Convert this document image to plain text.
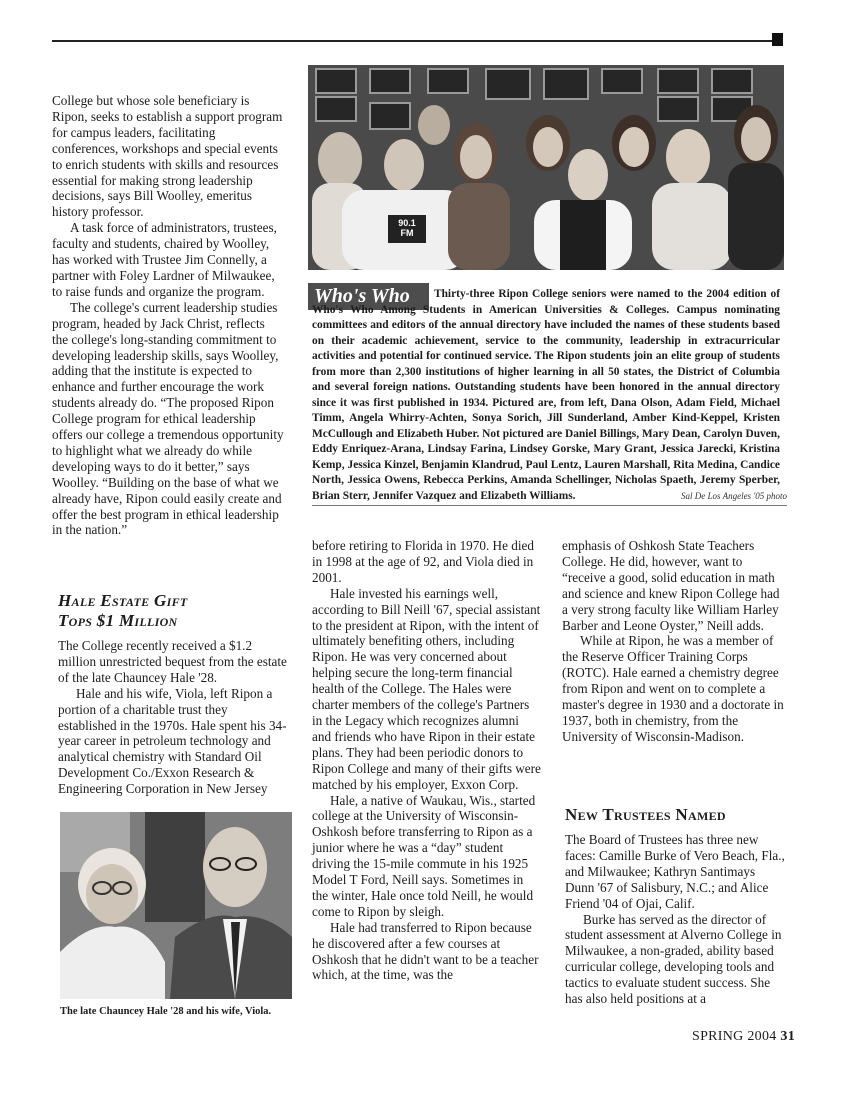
College but whose sole beneficiary is Ripon, seeks to establish a support program for campus leaders, facilitating conferences, workshops and special events to enrich students with skills and resources essential for making strong leadership decisions, says Bill Woolley, emeritus history professor.

A task force of administrators, trustees, faculty and students, chaired by Woolley, has worked with Trustee Jim Connelly, a partner with Foley Lardner of Milwaukee, to raise funds and organize the program.

The college's current leadership studies program, headed by Jack Christ, reflects the college's long-standing commitment to developing leadership skills, says Woolley, adding that the institute is expected to enhance and further encourage the work students already do. “The proposed Ripon College program for ethical leadership offers our college a tremendous opportunity to highlight what we already do while developing ways to do it better,” says Woolley. “Building on the base of what we already have, Ripon could easily create and offer the best program in ethical leadership in the nation.”

Hale Estate Gift
Tops $1 Million

The College recently received a $1.2 million unrestricted bequest from the estate of the late Chauncey Hale '28.

Hale and his wife, Viola, left Ripon a portion of a charitable trust they established in the 1970s. Hale spent his 34-year career in petroleum technology and analytical chemistry with Standard Oil Development Co./Exxon Research & Engineering Corporation in New Jersey

The late Chauncey Hale '28 and his wife, Viola.
90.1 FM
Who's Who	Thirty-three Ripon College seniors were named to the 2004 edition of Who's Who Among Students in American Universities & Colleges. Campus nominating committees and editors of the annual directory have included the names of these students based on their academic achievement, service to the community, leadership in extracurricular activities and potential for continued service. The Ripon students join an elite group of students from more than 2,300 institutions of higher learning in all 50 states, the District of Columbia and several foreign nations. Outstanding students have been honored in the annual directory since it was first published in 1934. Pictured are, from left, Dana Olson, Adam Field, Michael Timm, Angela Whirry-Achten, Sonya Sorich, Jill Sunderland, Amber Kind-Keppel, Kristen McCullough and Elizabeth Huber. Not pictured are Daniel Billings, Mary Dean, Carolyn Duven, Eddy Enriquez-Arana, Lindsay Farina, Lindsey Gorske, Mary Grant, Jessica Jarecki, Kristina Kemp, Jessica Kinzel, Benjamin Klandrud, Paul Lentz, Lauren Marshall, Rita Medina, Candice North, Jessica Owens, Rebecca Perkins, Amanda Schellinger, Nicholas Spaeth, Jeremy Sperber, Brian Sterr, Jennifer Vazquez and Elizabeth Williams.	Sal De Los Angeles '05 photo

before retiring to Florida in 1970. He died in 1998 at the age of 92, and Viola died in 2001.

Hale invested his earnings well, according to Bill Neill '67, special assistant to the president at Ripon, with the intent of ultimately benefiting others, including Ripon. He was very concerned about helping secure the long-term financial health of the College. The Hales were charter members of the college's Partners in the Legacy which recognizes alumni and friends who have Ripon in their estate plans. They had been periodic donors to Ripon College and many of their gifts were matched by his employer, Exxon Corp.

Hale, a native of Waukau, Wis., started college at the University of Wisconsin-Oshkosh before transferring to Ripon as a junior where he was a “day” student driving the 15-mile commute in his 1925 Model T Ford, Neill says. Sometimes in the winter, Hale once told Neill, he would come to Ripon by sleigh.

Hale had transferred to Ripon because he discovered after a few courses at Oshkosh that he didn't want to be a teacher which, at the time, was the

emphasis of Oshkosh State Teachers College. He did, however, want to “receive a good, solid education in math and science and knew Ripon College had a very strong faculty like William Harley Barber and Leone Oyster,” Neill adds.

While at Ripon, he was a member of the Reserve Officer Training Corps (ROTC). Hale earned a chemistry degree from Ripon and went on to complete a master's degree in 1930 and a doctorate in 1937, both in chemistry, from the University of Wisconsin-Madison.

New Trustees Named

The Board of Trustees has three new faces: Camille Burke of Vero Beach, Fla., and Milwaukee; Kathryn Santimays Dunn '67 of Salisbury, N.C.; and Alice Friend '04 of Ojai, Calif.

Burke has served as the director of student assessment at Alverno College in Milwaukee, a non-graded, ability based curricular college, developing tools and tactics to evaluate student success. She has also held positions at a

SPRING 2004 31
